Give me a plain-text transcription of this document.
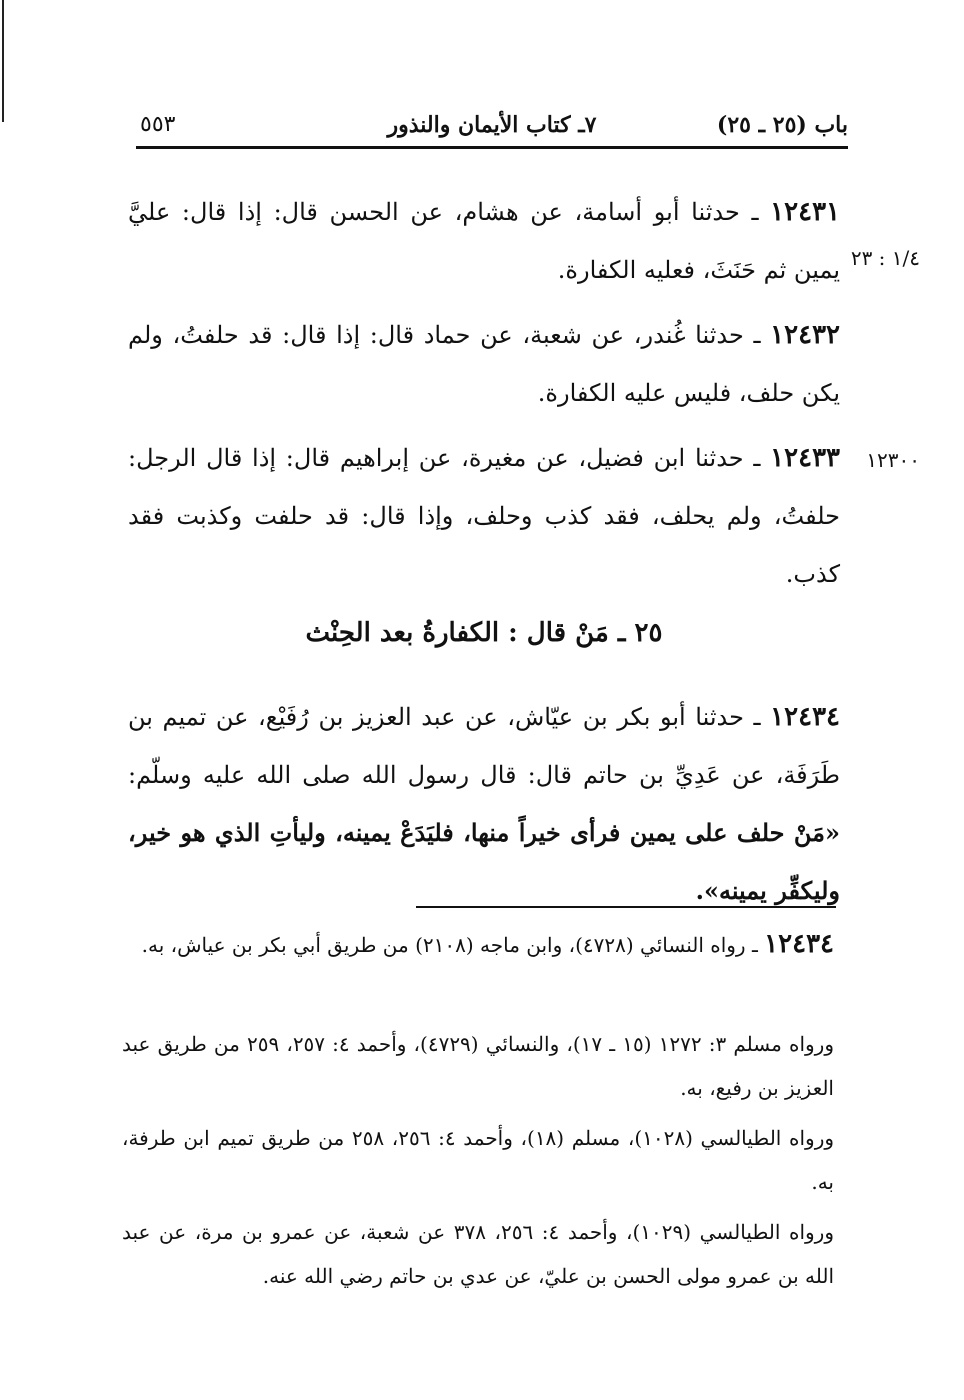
باب (٢٥ ـ ٢٥)
٧ـ كتاب الأيمان والنذور
٥٥٣
١/٤ : ٢٣

١٢٤٣١ ـ حدثنا أبو أسامة، عن هشام، عن الحسن قال: إذا قال: عليَّ يمين ثم حَنَثَ، فعليه الكفارة.

١٢٤٣٢ ـ حدثنا غُندر، عن شعبة، عن حماد قال: إذا قال: قد حلفتُ، ولم يكن حلف، فليس عليه الكفارة.

١٢٣٠٠

١٢٤٣٣ ـ حدثنا ابن فضيل، عن مغيرة، عن إبراهيم قال: إذا قال الرجل: حلفتُ، ولم يحلف، فقد كذب وحلف، وإذا قال: قد حلفت وكذبت فقد كذب.

٢٥ ـ مَنْ قال : الكفارةُ بعد الحِنْث

١٢٤٣٤ ـ حدثنا أبو بكر بن عيّاش، عن عبد العزيز بن رُفَيْع، عن تميم بن طَرَفَة، عن عَدِيِّ بن حاتم قال: قال رسول الله صلى الله عليه وسلّم: «مَنْ حلف على يمين فرأى خيراً منها، فليَدَعْ يمينه، وليأتِ الذي هو خير، وليكفِّر يمينه».

١٢٤٣٤ ـ رواه النسائي (٤٧٢٨)، وابن ماجه (٢١٠٨) من طريق أبي بكر بن عياش، به.

ورواه مسلم ٣: ١٢٧٢ (١٥ ـ ١٧)، والنسائي (٤٧٢٩)، وأحمد ٤: ٢٥٧، ٢٥٩ من طريق عبد العزيز بن رفيع، به.

ورواه الطيالسي (١٠٢٨)، مسلم (١٨)، وأحمد ٤: ٢٥٦، ٢٥٨ من طريق تميم ابن طرفة، به.

ورواه الطيالسي (١٠٢٩)، وأحمد ٤: ٢٥٦، ٣٧٨ عن شعبة، عن عمرو بن مرة، عن عبد الله بن عمرو مولى الحسن بن عليّ، عن عدي بن حاتم رضي الله عنه.
